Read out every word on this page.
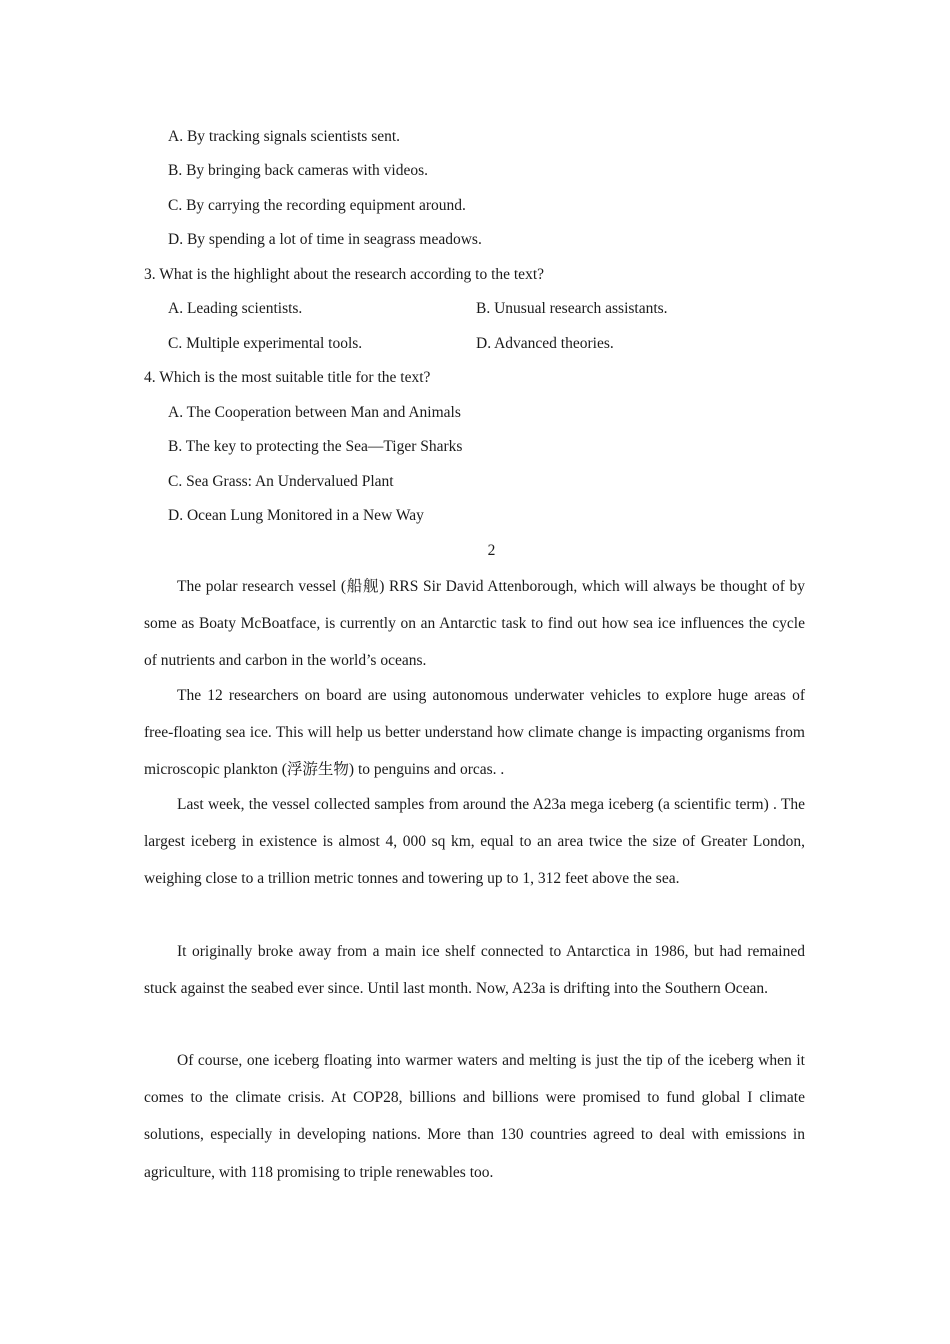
A. By tracking signals scientists sent.
B. By bringing back cameras with videos.
C. By carrying the recording equipment around.
D. By spending a lot of time in seagrass meadows.
3. What is the highlight about the research according to the text?
A. Leading scientists.	B. Unusual research assistants.
C. Multiple experimental tools.	D. Advanced theories.
4. Which is the most suitable title for the text?
A. The Cooperation between Man and Animals
B. The key to protecting the Sea—Tiger Sharks
C. Sea Grass: An Undervalued Plant
D. Ocean Lung Monitored in a New Way
2
The polar research vessel (船舰) RRS Sir David Attenborough, which will always be thought of by some as Boaty McBoatface, is currently on an Antarctic task to find out how sea ice influences the cycle of nutrients and carbon in the world’s oceans.
The 12 researchers on board are using autonomous underwater vehicles to explore huge areas of free-floating sea ice. This will help us better understand how climate change is impacting organisms from microscopic plankton (浮游生物) to penguins and orcas. .
Last week, the vessel collected samples from around the A23a mega iceberg (a scientific term) . The largest iceberg in existence is almost 4, 000 sq km, equal to an area twice the size of Greater London, weighing close to a trillion metric tonnes and towering up to 1, 312 feet above the sea.
It originally broke away from a main ice shelf connected to Antarctica in 1986, but had remained stuck against the seabed ever since. Until last month. Now, A23a is drifting into the Southern Ocean.
Of course, one iceberg floating into warmer waters and melting is just the tip of the iceberg when it comes to the climate crisis. At COP28, billions and billions were promised to fund global I climate solutions, especially in developing nations. More than 130 countries agreed to deal with emissions in agriculture, with 118 promising to triple renewables too.
